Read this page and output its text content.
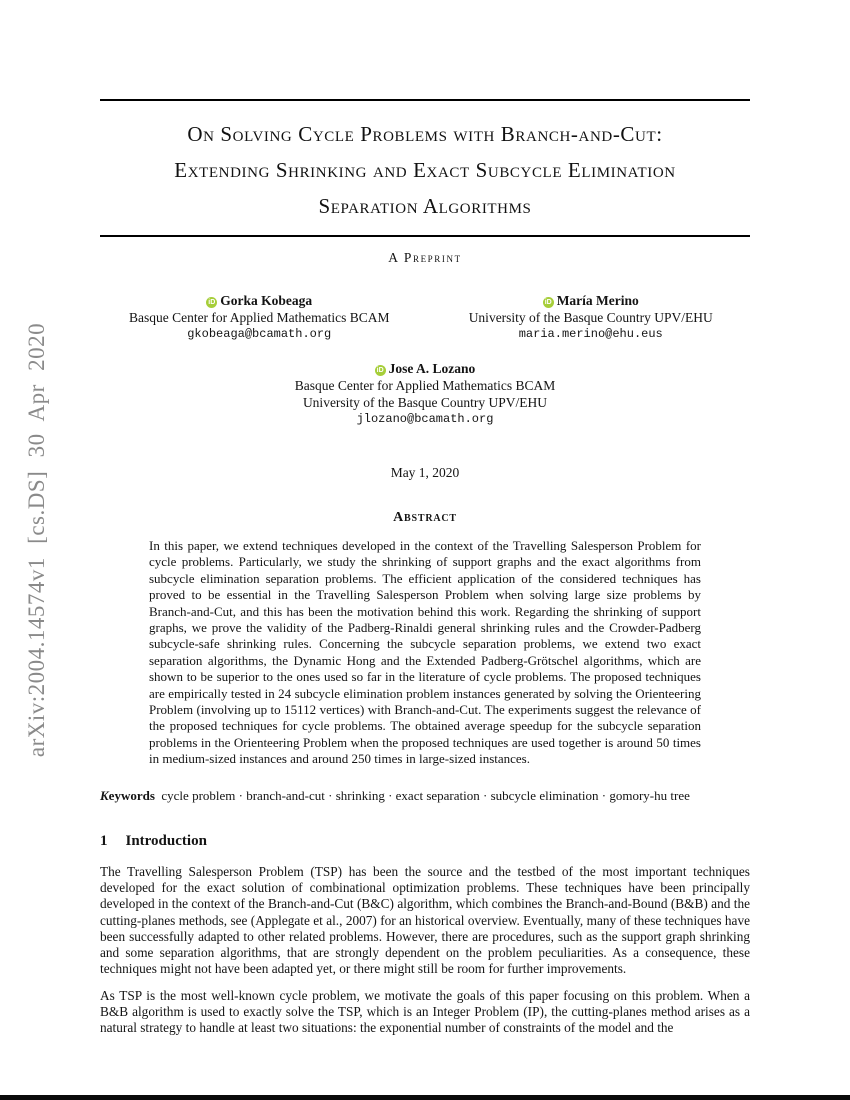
arXiv:2004.14574v1 [cs.DS] 30 Apr 2020
On Solving Cycle Problems with Branch-and-Cut:
Extending Shrinking and Exact Subcycle Elimination
Separation Algorithms
A Preprint
iD Gorka Kobeaga
Basque Center for Applied Mathematics BCAM
gkobeaga@bcamath.org
iD María Merino
University of the Basque Country UPV/EHU
maria.merino@ehu.eus
iD Jose A. Lozano
Basque Center for Applied Mathematics BCAM
University of the Basque Country UPV/EHU
jlozano@bcamath.org
May 1, 2020
Abstract
In this paper, we extend techniques developed in the context of the Travelling Salesperson Problem for cycle problems. Particularly, we study the shrinking of support graphs and the exact algorithms from subcycle elimination separation problems. The efficient application of the considered techniques has proved to be essential in the Travelling Salesperson Problem when solving large size problems by Branch-and-Cut, and this has been the motivation behind this work. Regarding the shrinking of support graphs, we prove the validity of the Padberg-Rinaldi general shrinking rules and the Crowder-Padberg subcycle-safe shrinking rules. Concerning the subcycle separation problems, we extend two exact separation algorithms, the Dynamic Hong and the Extended Padberg-Grötschel algorithms, which are shown to be superior to the ones used so far in the literature of cycle problems. The proposed techniques are empirically tested in 24 subcycle elimination problem instances generated by solving the Orienteering Problem (involving up to 15112 vertices) with Branch-and-Cut. The experiments suggest the relevance of the proposed techniques for cycle problems. The obtained average speedup for the subcycle separation problems in the Orienteering Problem when the proposed techniques are used together is around 50 times in medium-sized instances and around 250 times in large-sized instances.
Keywords cycle problem · branch-and-cut · shrinking · exact separation · subcycle elimination · gomory-hu tree
1 Introduction
The Travelling Salesperson Problem (TSP) has been the source and the testbed of the most important techniques developed for the exact solution of combinational optimization problems. These techniques have been principally developed in the context of the Branch-and-Cut (B&C) algorithm, which combines the Branch-and-Bound (B&B) and the cutting-planes methods, see (Applegate et al., 2007) for an historical overview. Eventually, many of these techniques have been successfully adapted to other related problems. However, there are procedures, such as the support graph shrinking and some separation algorithms, that are strongly dependent on the problem peculiarities. As a consequence, these techniques might not have been adapted yet, or there might still be room for further improvements.
As TSP is the most well-known cycle problem, we motivate the goals of this paper focusing on this problem. When a B&B algorithm is used to exactly solve the TSP, which is an Integer Problem (IP), the cutting-planes method arises as a natural strategy to handle at least two situations: the exponential number of constraints of the model and the
